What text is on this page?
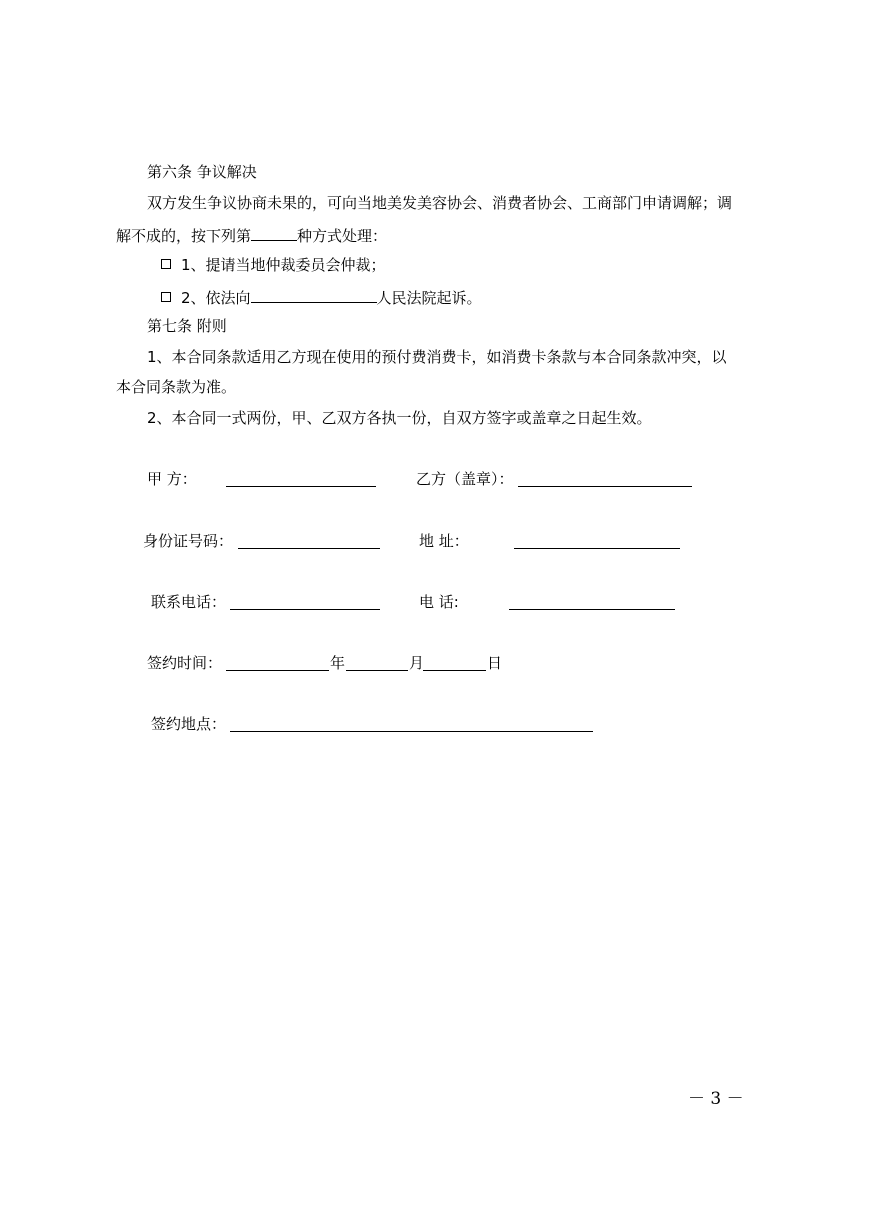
第六条 争议解决
双方发生争议协商未果的，可向当地美发美容协会、消费者协会、工商部门申请调解；调
解不成的，按下列第	种方式处理：
1、提请当地仲裁委员会仲裁；
2、依法向	人民法院起诉。
第七条 附则
1、本合同条款适用乙方现在使用的预付费消费卡，如消费卡条款与本合同条款冲突，以
本合同条款为准。
2、本合同一式两份，甲、乙双方各执一份，自双方签字或盖章之日起生效。
甲 方：	乙方（盖章）：
身份证号码：	地 址：
联系电话：	电 话:
签约时间：	年	月	日
签约地点：
－ 3 －
